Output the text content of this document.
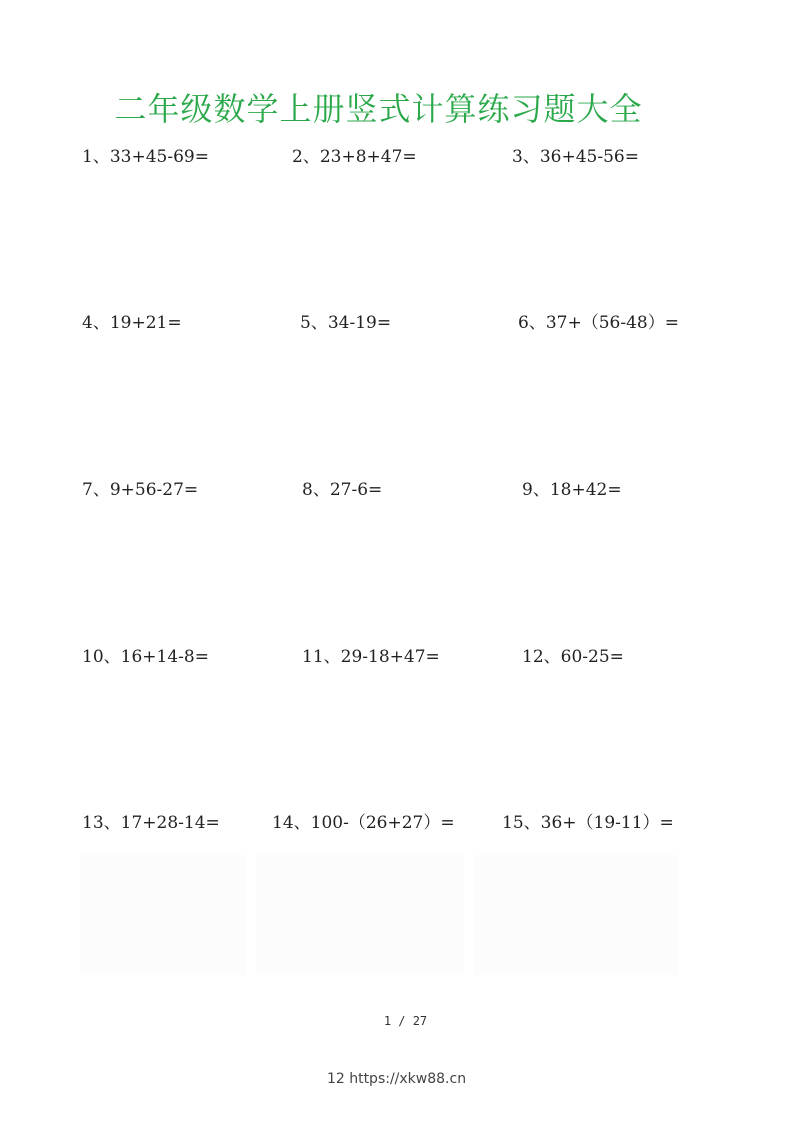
二年级数学上册竖式计算练习题大全
1、33+45-69=	2、23+8+47=	3、36+45-56=
4、19+21=	5、34-19=	6、37+（56-48）=
7、9+56-27=	8、27-6=	9、18+42=
10、16+14-8=	11、29-18+47=	12、60-25=
13、17+28-14=	14、100-（26+27）=	15、36+（19-11）=
1 / 27
12 https://xkw88.cn
